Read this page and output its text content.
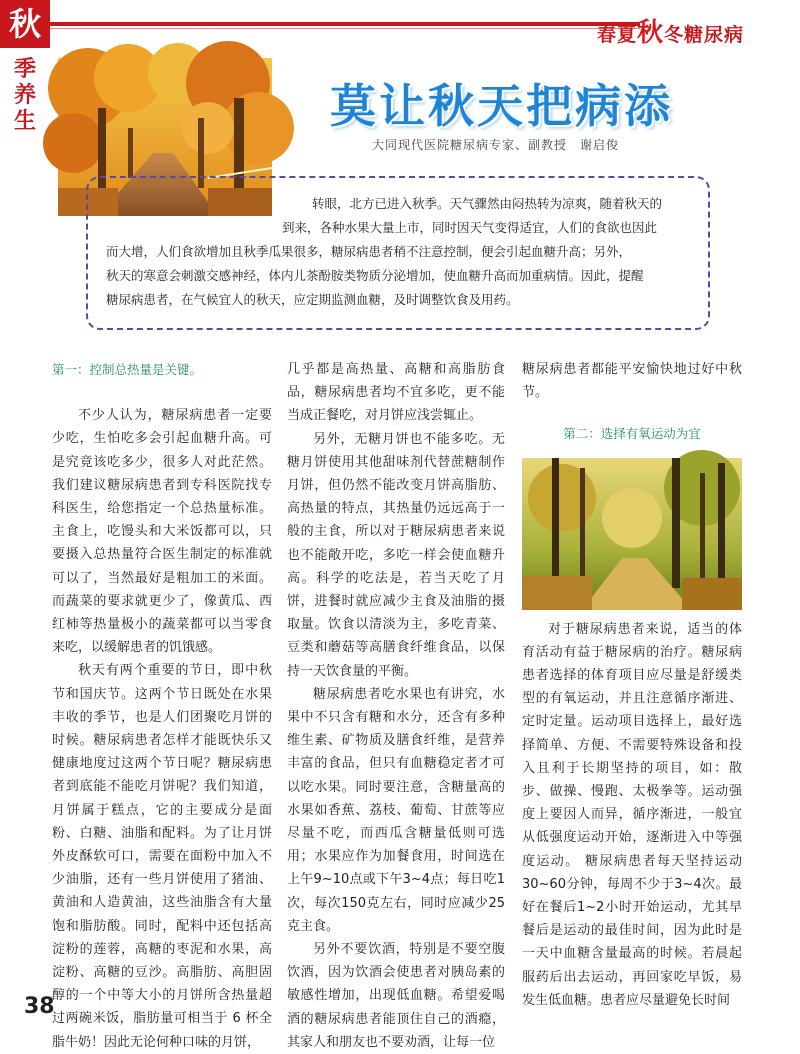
秋	春夏秋冬糖尿病
季养生	莫让秋天把病添
大同现代医院糖尿病专家、副教授　谢启俊
转眼，北方已进入秋季。天气骤然由闷热转为凉爽，随着秋天的
到来，各种水果大量上市，同时因天气变得适宜，人们的食欲也因此
而大增，人们食欲增加且秋季瓜果很多，糖尿病患者稍不注意控制，便会引起血糖升高；另外，
秋天的寒意会刺激交感神经，体内儿茶酚胺类物质分泌增加，使血糖升高而加重病情。因此，提醒
糖尿病患者，在气候宜人的秋天，应定期监测血糖，及时调整饮食及用药。

第一：控制总热量是关键。

不少人认为，糖尿病患者一定要少吃，生怕吃多会引起血糖升高。可是究竟该吃多少，很多人对此茫然。我们建议糖尿病患者到专科医院找专科医生，给您指定一个总热量标准。主食上，吃馒头和大米饭都可以，只要摄入总热量符合医生制定的标准就可以了，当然最好是粗加工的米面。而蔬菜的要求就更少了，像黄瓜、西红柿等热量极小的蔬菜都可以当零食来吃，以缓解患者的饥饿感。

秋天有两个重要的节日，即中秋节和国庆节。这两个节日既处在水果丰收的季节，也是人们团聚吃月饼的时候。糖尿病患者怎样才能既快乐又健康地度过这两个节日呢？糖尿病患者到底能不能吃月饼呢？我们知道，月饼属于糕点，它的主要成分是面粉、白糖、油脂和配料。为了让月饼外皮酥软可口，需要在面粉中加入不少油脂，还有一些月饼使用了猪油、黄油和人造黄油，这些油脂含有大量饱和脂肪酸。同时，配料中还包括高淀粉的莲蓉，高糖的枣泥和水果，高淀粉、高糖的豆沙。高脂肪、高胆固醇的一个中等大小的月饼所含热量超过两碗米饭，脂肪量可相当于 6 杯全脂牛奶！因此无论何种口味的月饼，

几乎都是高热量、高糖和高脂肪食品，糖尿病患者均不宜多吃，更不能当成正餐吃，对月饼应浅尝辄止。

另外，无糖月饼也不能多吃。无糖月饼使用其他甜味剂代替蔗糖制作月饼，但仍然不能改变月饼高脂肪、高热量的特点，其热量仍远远高于一般的主食，所以对于糖尿病患者来说也不能敞开吃，多吃一样会使血糖升高。科学的吃法是，若当天吃了月饼，进餐时就应减少主食及油脂的摄取量。饮食以清淡为主，多吃青菜、豆类和蘑菇等高膳食纤维食品，以保持一天饮食量的平衡。

糖尿病患者吃水果也有讲究，水果中不只含有糖和水分，还含有多种维生素、矿物质及膳食纤维，是营养丰富的食品，但只有血糖稳定者才可以吃水果。同时要注意，含糖量高的水果如香蕉、荔枝、葡萄、甘蔗等应尽量不吃，而西瓜含糖量低则可选用；水果应作为加餐食用，时间选在上午9~10点或下午3~4点；每日吃1次，每次150克左右，同时应减少25克主食。

另外不要饮酒，特别是不要空腹饮酒，因为饮酒会使患者对胰岛素的敏感性增加，出现低血糖。希望爱喝酒的糖尿病患者能顶住自己的酒瘾，其家人和朋友也不要劝酒，让每一位

糖尿病患者都能平安愉快地过好中秋节。

第二：选择有氧运动为宜

对于糖尿病患者来说，适当的体育活动有益于糖尿病的治疗。糖尿病患者选择的体育项目应尽量是舒缓类型的有氧运动，并且注意循序渐进、定时定量。运动项目选择上，最好选择简单、方便、不需要特殊设备和投入且利于长期坚持的项目，如：散步、做操、慢跑、太极拳等。运动强度上要因人而异，循序渐进，一般宜从低强度运动开始，逐渐进入中等强度运动。 糖尿病患者每天坚持运动30~60分钟，每周不少于3~4次。最好在餐后1~2小时开始运动，尤其早餐后是运动的最佳时间，因为此时是一天中血糖含量最高的时候。若晨起服药后出去运动，再回家吃早饭，易发生低血糖。患者应尽量避免长时间

38
